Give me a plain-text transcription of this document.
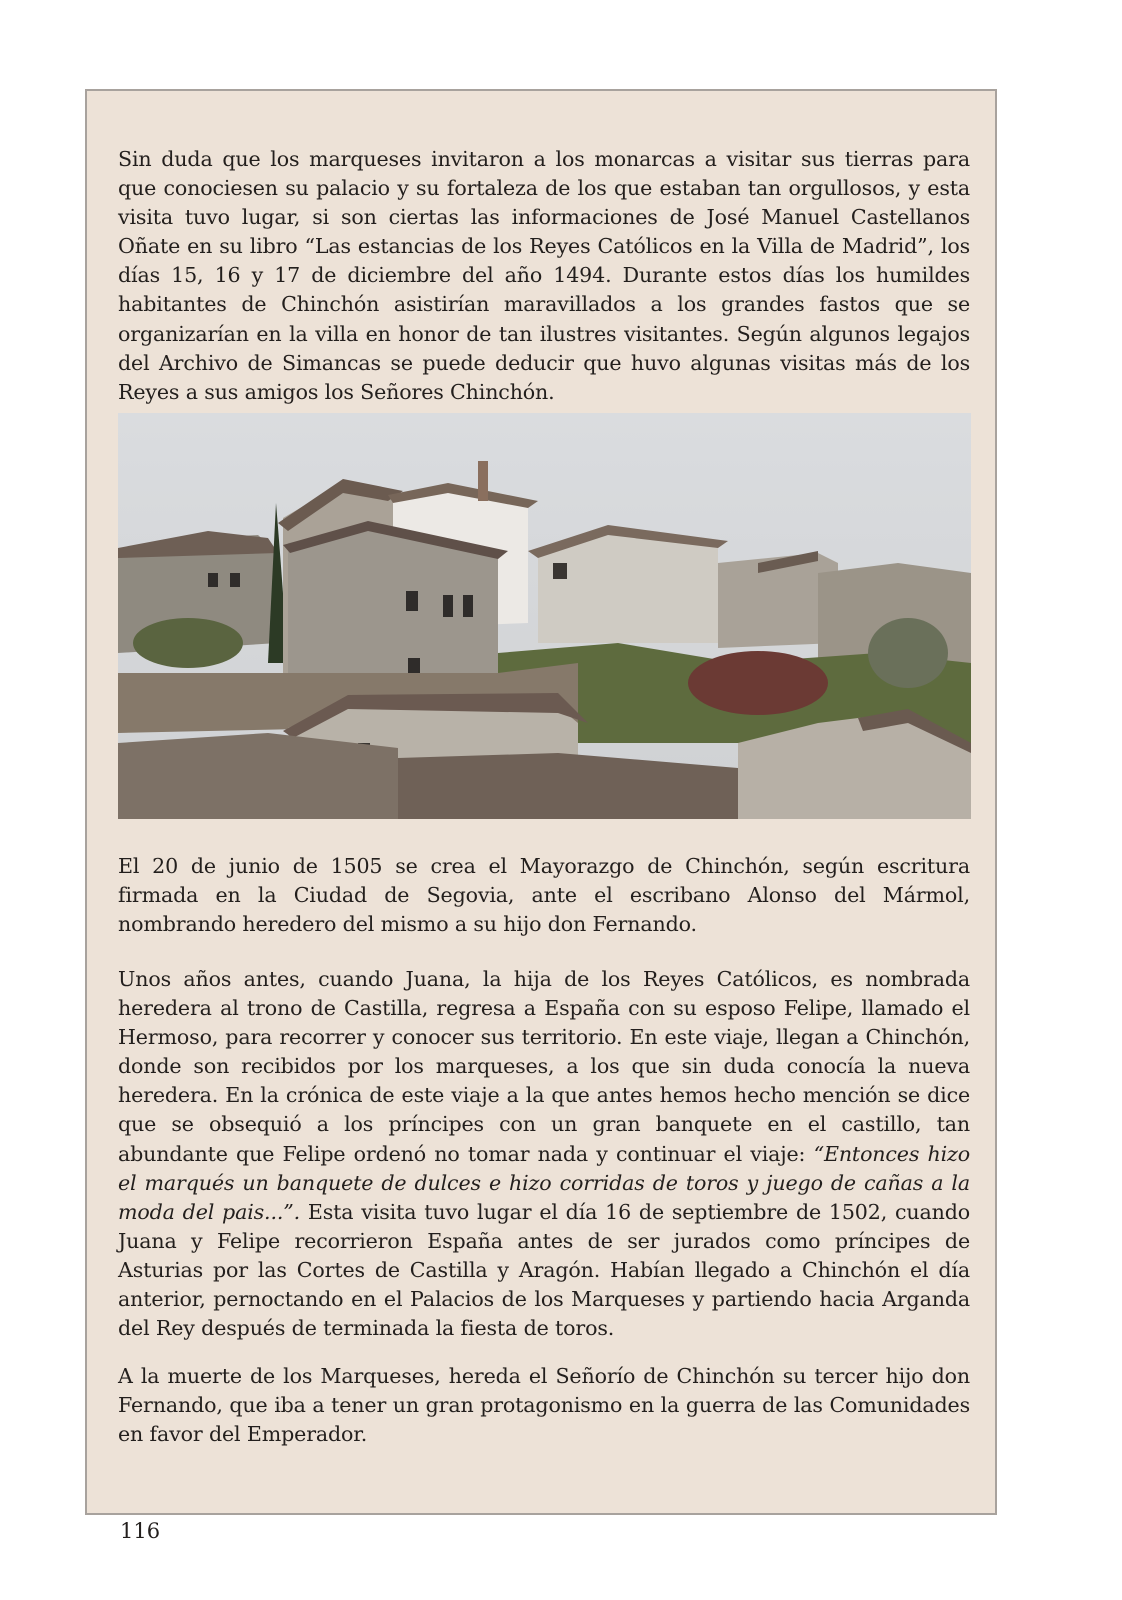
Sin duda que los marqueses invitaron a los monarcas a visitar sus tierras para que conociesen su palacio y su fortaleza de los que estaban tan orgullosos, y esta visita tuvo lugar, si son ciertas las informaciones de José Manuel Castellanos Oñate en su libro “Las estancias de los Reyes Católicos en la Villa de Madrid”, los días 15, 16 y 17 de diciembre del año 1494. Durante estos días los humildes habitantes de Chinchón asistirían maravillados a los grandes fastos que se organizarían en la villa en honor de tan ilustres visitantes. Según algunos legajos del Archivo de Simancas se puede deducir que huvo algunas visitas más de los Reyes a sus amigos los Señores Chinchón.

El 20 de junio de 1505 se crea el Mayorazgo de Chinchón, según escritura firmada en la Ciudad de Segovia, ante el escribano Alonso del Mármol, nombrando heredero del mismo a su hijo don Fernando.

Unos años antes, cuando Juana, la hija de los Reyes Católicos, es nombrada heredera al trono de Castilla, regresa a España con su esposo Felipe, llamado el Hermoso, para recorrer y conocer sus territorio. En este viaje, llegan a Chinchón, donde son recibidos por los marqueses, a los que sin duda conocía la nueva heredera. En la crónica de este viaje a la que antes hemos hecho mención se dice que se obsequió a los príncipes con un gran banquete en el castillo, tan abundante que Felipe ordenó no tomar nada y continuar el viaje: “Entonces hizo el marqués un banquete de dulces e hizo corridas de toros y juego de cañas a la moda del pais...”. Esta visita tuvo lugar el día 16 de septiembre de 1502, cuando Juana y Felipe recorrieron España antes de ser jurados como príncipes de Asturias por las Cortes de Castilla y Aragón. Habían llegado a Chinchón el día anterior, pernoctando en el Palacios de los Marqueses y partiendo hacia Arganda del Rey después de terminada la fiesta de toros.

A la muerte de los Marqueses, hereda el Señorío de Chinchón su tercer hijo don Fernando, que iba a tener un gran protagonismo en la guerra de las Comunidades en favor del Emperador.

116
